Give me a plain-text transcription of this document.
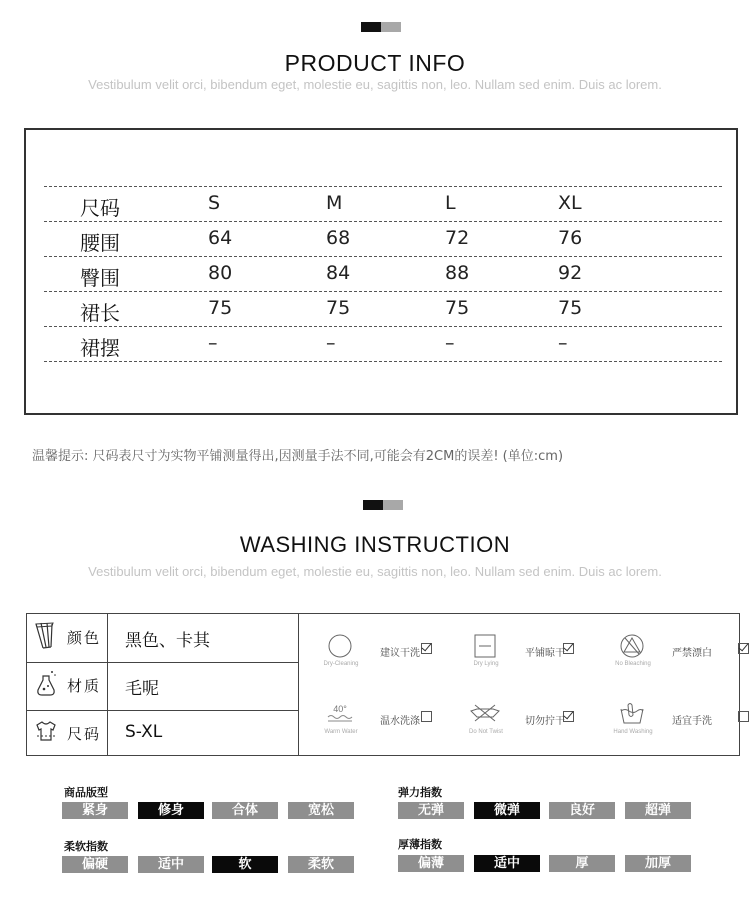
PRODUCT INFO
Vestibulum velit orci, bibendum eget, molestie eu, sagittis non, leo. Nullam sed enim. Duis ac lorem.
尺码	S	M	L	XL
腰围	64	68	72	76
臀围	80	84	88	92
裙长	75	75	75	75
裙摆	–	–	–	–
温馨提示: 尺码表尺寸为实物平铺测量得出,因测量手法不同,可能会有2CM的误差! (单位:cm)
WASHING INSTRUCTION
Vestibulum velit orci, bibendum eget, molestie eu, sagittis non, leo. Nullam sed enim. Duis ac lorem.
颜色 黑色、卡其
材质 毛呢
尺码 S-XL
Dry-Cleaning
建议干洗
Dry Lying
平铺晾干
No Bleaching
严禁漂白
40°
Warm Water
温水洗涤
Do Not Twist
切勿拧干
Hand Washing
适宜手洗
商品版型
紧身	修身	合体	宽松
弹力指数
无弹	微弹	良好	超弹
柔软指数
偏硬	适中	软	柔软
厚薄指数
偏薄	适中	厚	加厚
